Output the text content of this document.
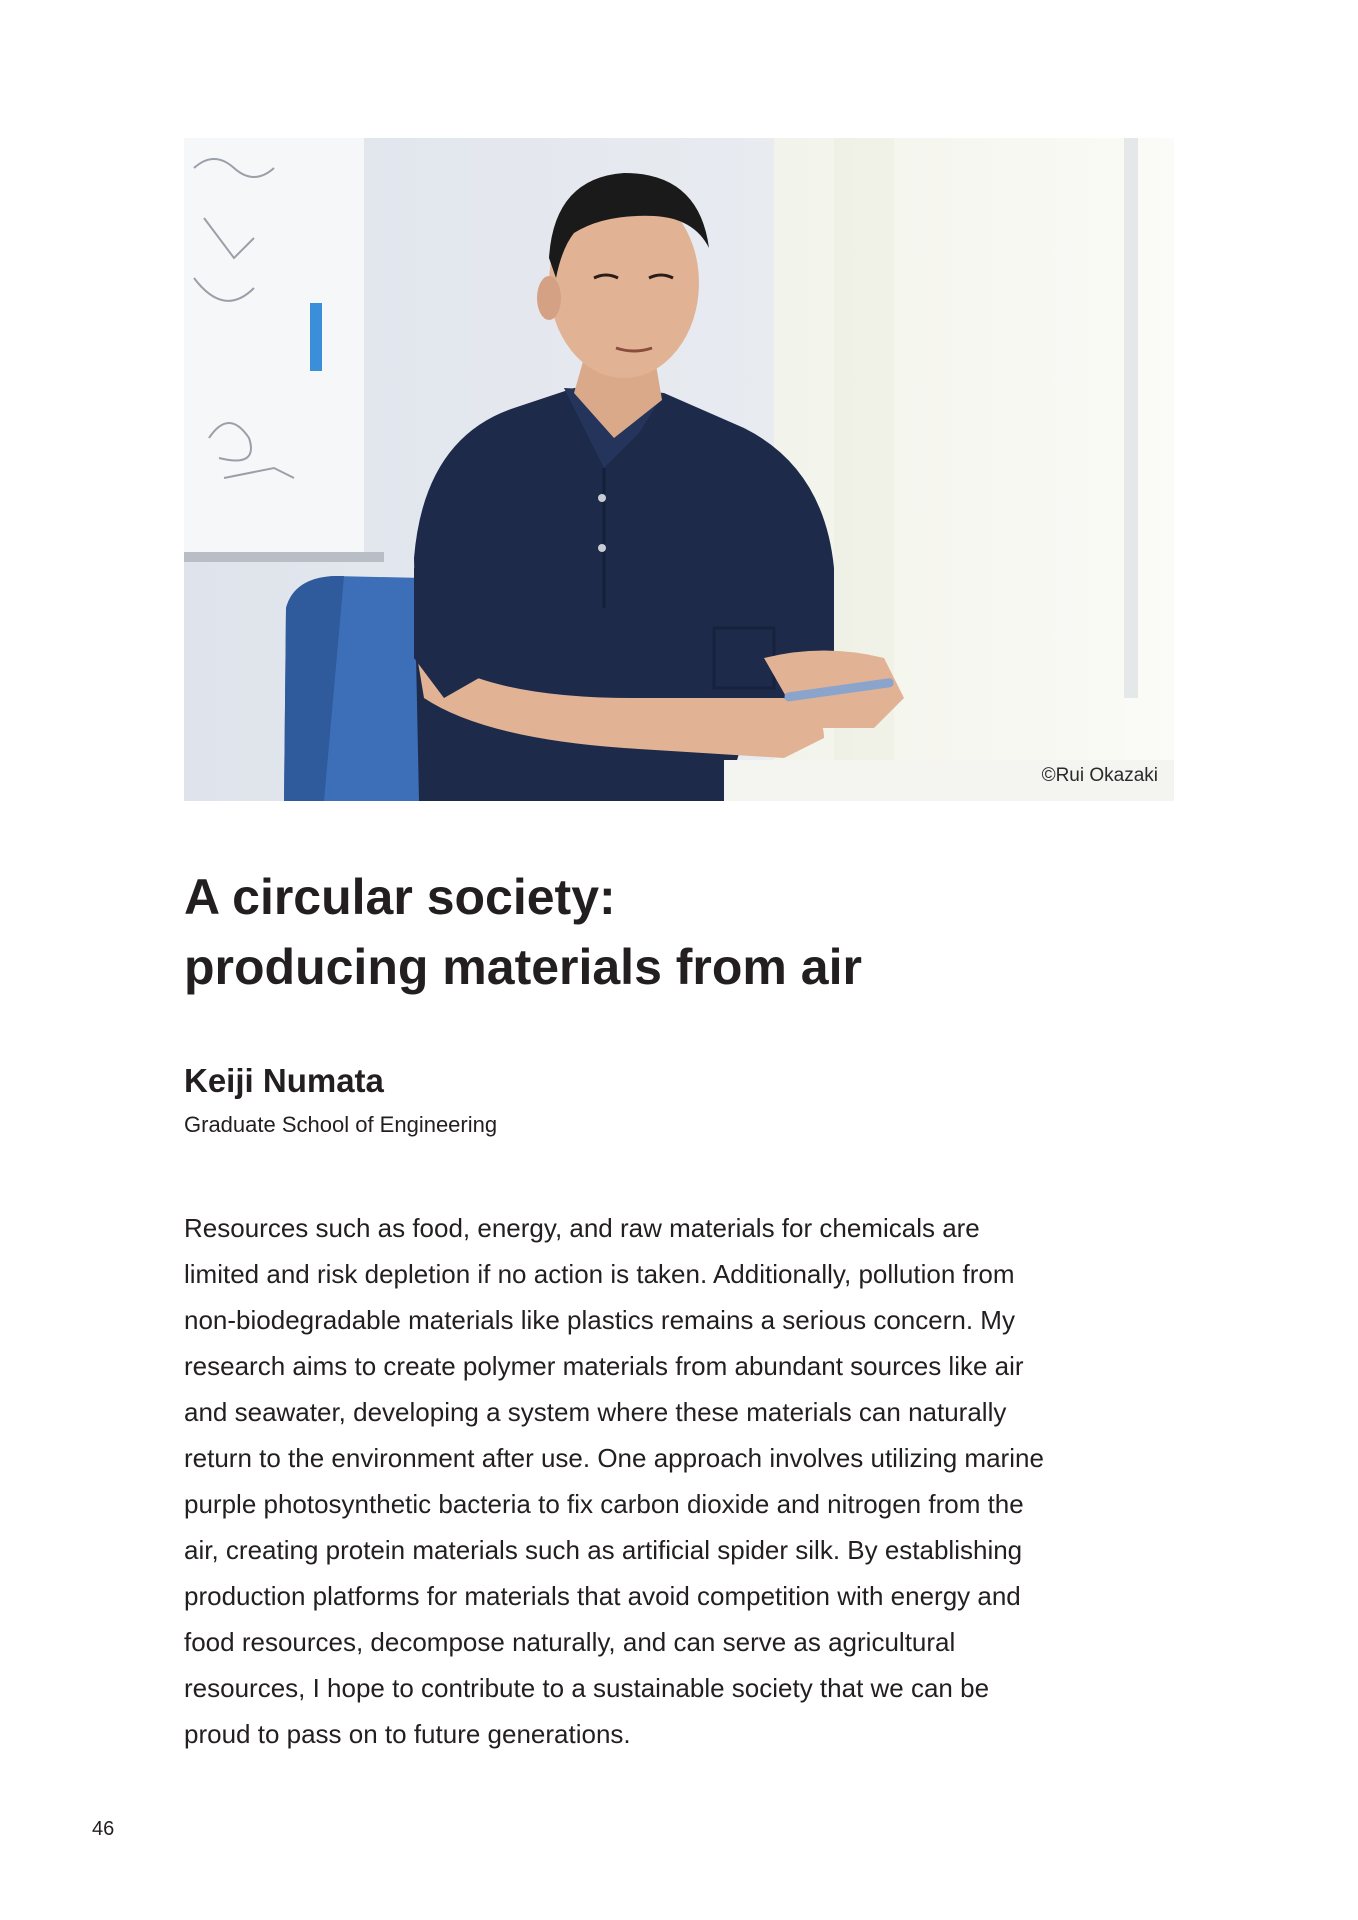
©Rui Okazaki
A circular society:
producing materials from air
Keiji Numata
Graduate School of Engineering
Resources such as food, energy, and raw materials for chemicals are
limited and risk depletion if no action is taken. Additionally, pollution from
non-biodegradable materials like plastics remains a serious concern. My
research aims to create polymer materials from abundant sources like air
and seawater, developing a system where these materials can naturally
return to the environment after use. One approach involves utilizing marine
purple photosynthetic bacteria to fix carbon dioxide and nitrogen from the
air, creating protein materials such as artificial spider silk. By establishing
production platforms for materials that avoid competition with energy and
food resources, decompose naturally, and can serve as agricultural
resources, I hope to contribute to a sustainable society that we can be
proud to pass on to future generations.
46
